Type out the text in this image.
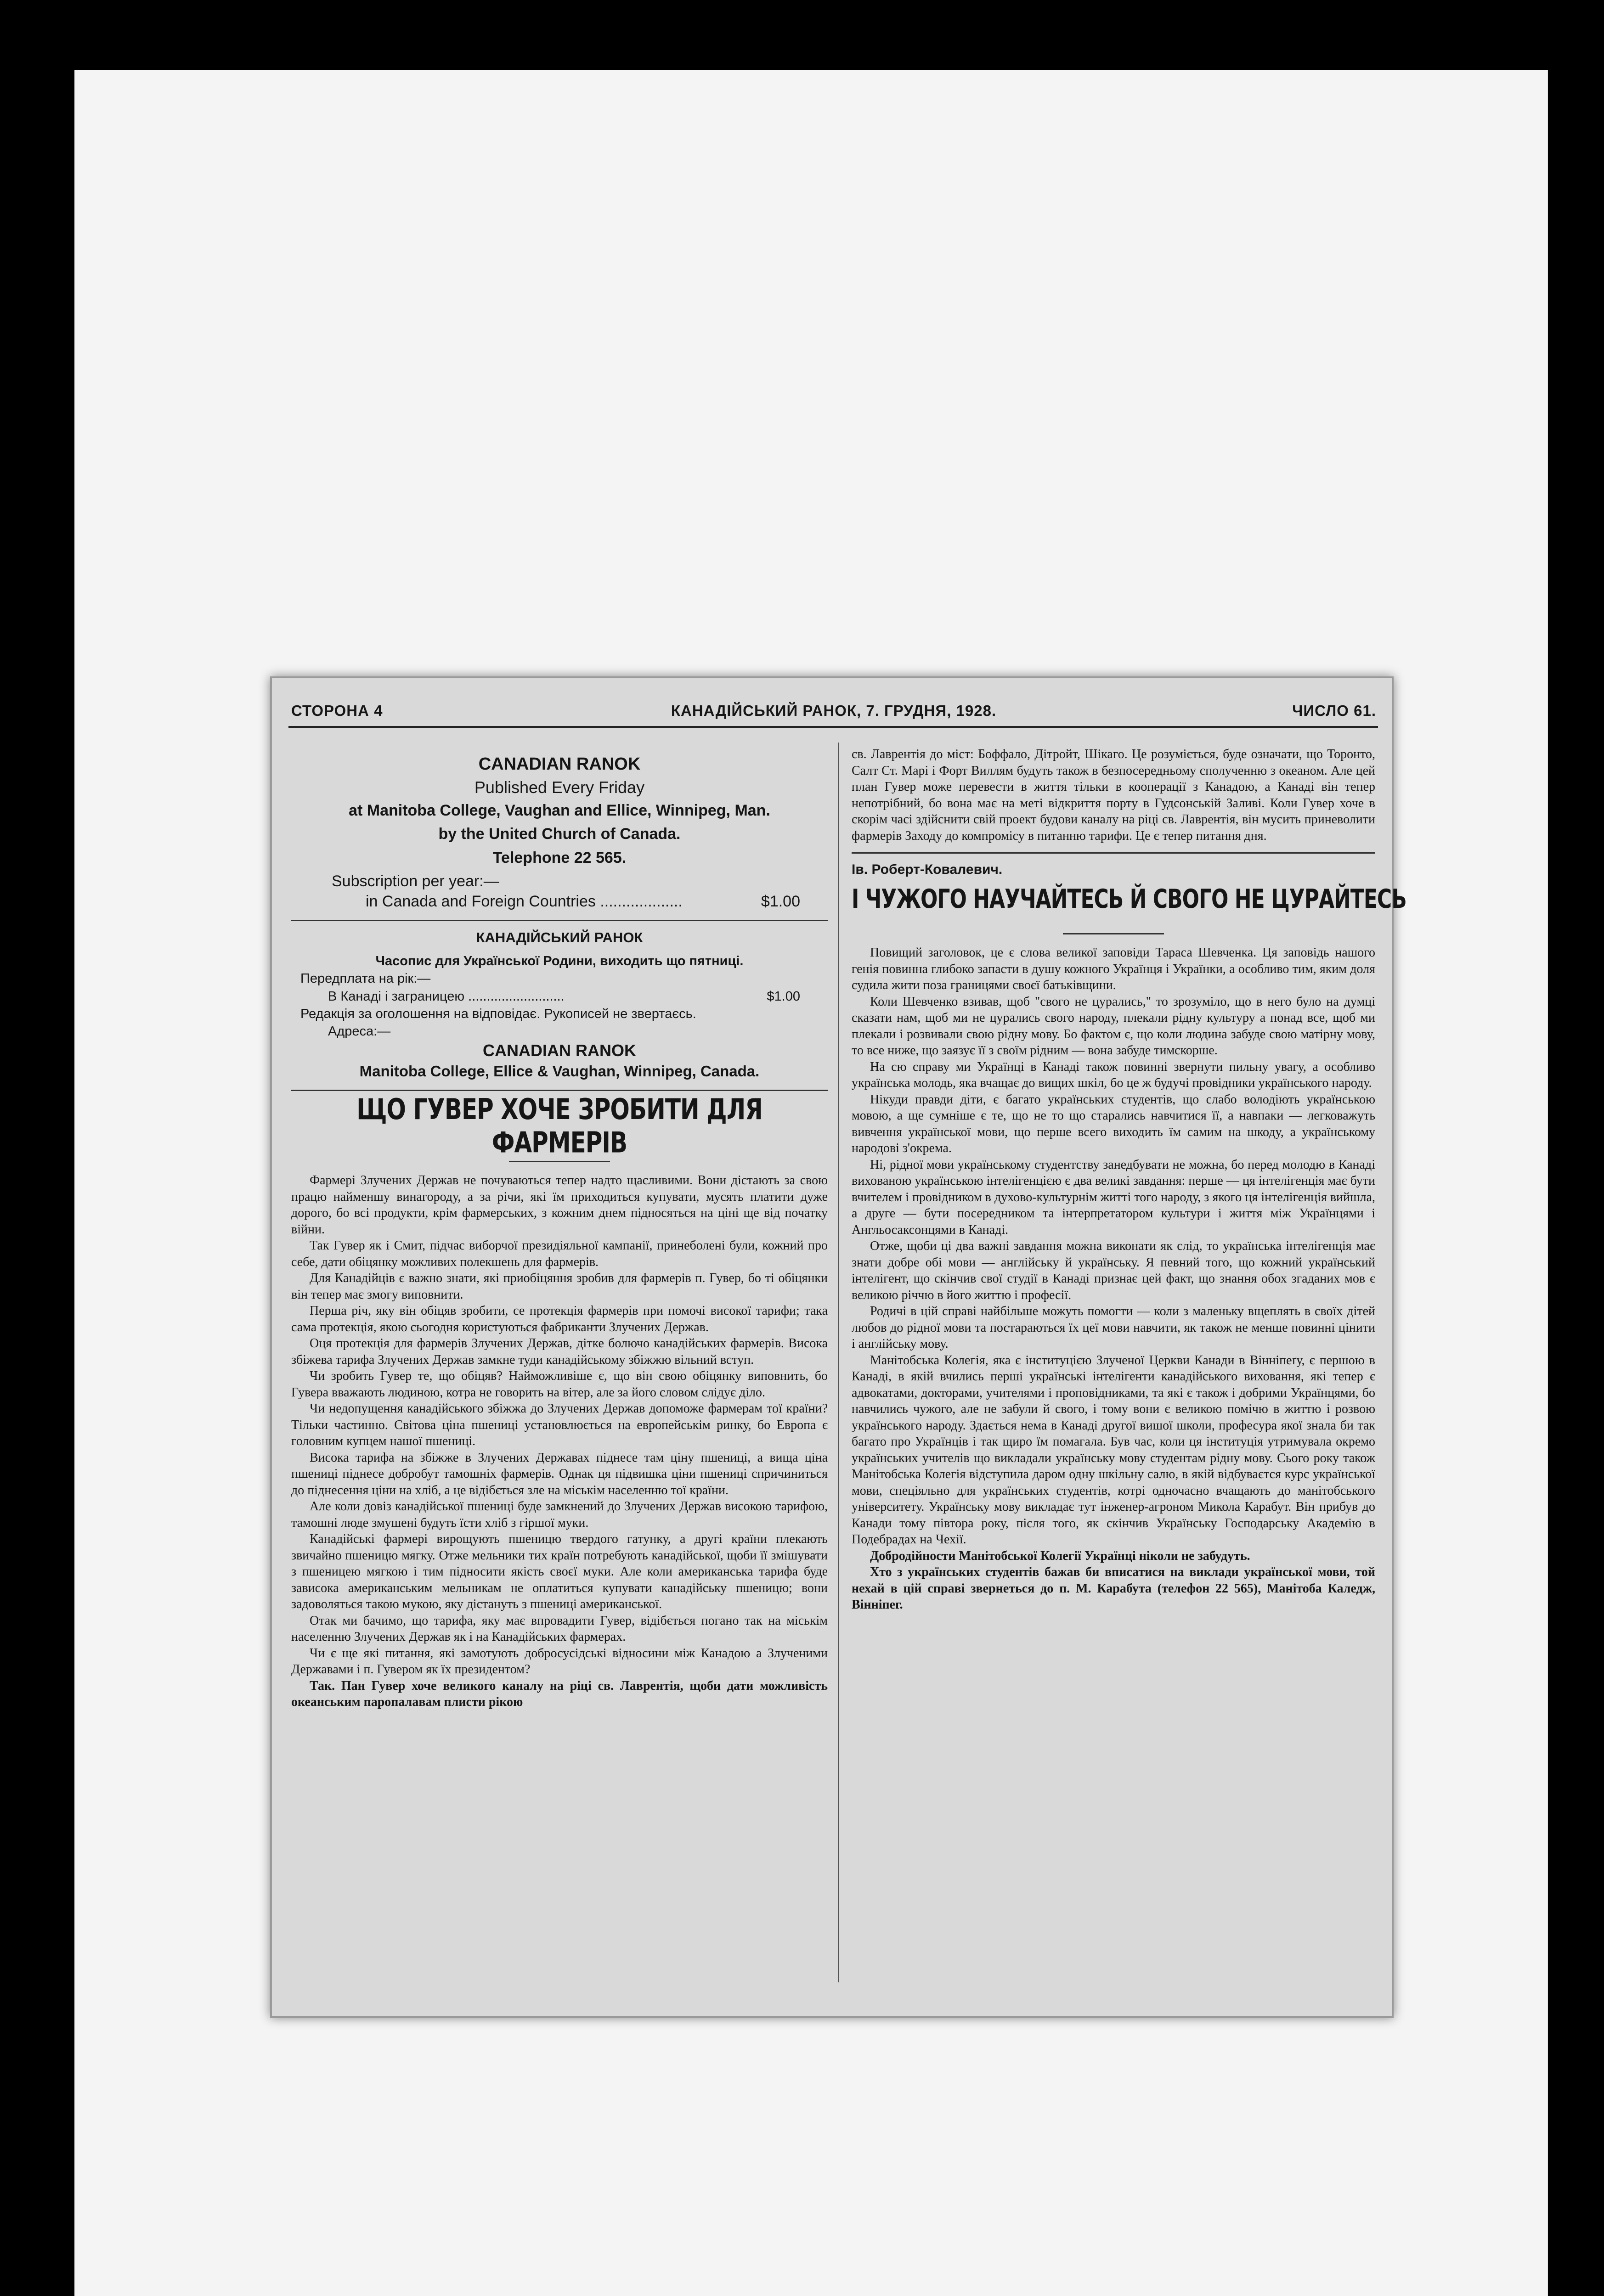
СТОРОНА 4	КАНАДІЙСЬКИЙ РАНОК, 7. ГРУДНЯ, 1928.	ЧИСЛО 61.
CANADIAN RANOK
Published Every Friday
at Manitoba College, Vaughan and Ellice, Winnipeg, Man.
by the United Church of Canada.
Telephone 22 565.
Subscription per year:—
in Canada and Foreign Countries ...................	$1.00
КАНАДІЙСЬКИЙ РАНОК
Часопис для Української Родини, виходить що пятниці.
Передплата на рік:—
В Канаді і заграницею ..........................	$1.00
Редакція за оголошення на відповідає. Рукописей не звертаєсь.
Адреса:—
CANADIAN RANOK
Manitoba College, Ellice & Vaughan, Winnipeg, Canada.
ЩО ГУВЕР ХОЧЕ ЗРОБИТИ ДЛЯ ФАРМЕРІВ

Фармері Злучених Держав не почуваються тепер надто щасливими. Вони дістають за свою працю найменшу винагороду, а за річи, які їм приходиться купувати, мусять платити дуже дорого, бо всі продукти, крім фармерських, з кожним днем піднoсяться на ціні ще від початку війни.

Так Гувер як і Смит, підчас виборчої президіяльної кампанії, принеболені були, кожний про себе, дати обіцянку можливих полекшень для фармерів.

Для Канадійців є важно знати, які приобіцяння зробив для фармерів п. Гувер, бо ті обіцянки він тепер має змогу виповнити.

Перша річ, яку він обіцяв зробити, се протекція фармерів при помочі високої тарифи; така сама протекція, якою сьогодня користуються фабриканти Злучених Держав.

Оця протекція для фармерів Злучених Держав, дітке болючо канадійських фармерів. Висока збіжева тарифа Злучених Держав замкне туди канадійському збіжжю вільний вступ.

Чи зробить Гувер те, що обіцяв? Найможливіше є, що він свою обіцянку виповнить, бо Гувера вважають людиною, котра не говорить на вітер, але за його словом слідує діло.

Чи недопущення канадійського збіжжа до Злучених Держав допоможе фармерам тої країни? Тільки частинно. Світова ціна пшениці установлюється на европейськім ринку, бо Европа є головним купцем нашої пшениці.

Висока тарифа на збіжже в Злучених Державах піднесе там ціну пшениці, а вища ціна пшениці піднесе добробут тамошніх фармерів. Однак ця підвишка ціни пшениці спричиниться до піднесення ціни на хліб, а це відібється зле на міськім населенню тої країни.

Але коли довіз канадійської пшениці буде замкнений до Злучених Держав високою тарифою, тамошні люде змушені будуть їсти хліб з гіршої муки.

Канадійські фармері вирощують пшеницю твердого гатунку, а другі країни плекають звичайно пшеницю мягку. Отже мельники тих країн потребують канадійської, щоби її змішувати з пшеницею мягкою і тим підносити якість своєї муки. Але коли американська тарифа буде зависока американським мельникам не оплатиться купувати канадійську пшеницю; вони задоволяться такою мукою, яку дістануть з пшениці американської.

Отак ми бачимо, що тарифа, яку має впровадити Гувер, відібється погано так на міськім населенню Злучених Держав як і на Канадійських фармерах.

Чи є ще які питання, які замотують добросусідські відносини між Канадою а Злученими Державами і п. Гувером як їх президентом?

Так. Пан Гувер хоче великого каналу на ріці св. Лаврентія, щоби дати можливість океанським паропалавам плисти рікою

св. Лаврентія до міст: Боффало, Дітройт, Шікаго. Це розуміється, буде означати, що Торонто, Салт Ст. Марі і Форт Виллям будуть також в безпосередньому сполученню з океаном. Але цей план Гувер може перевести в життя тільки в кооперації з Канадою, а Канаді він тепер непотрібний, бо вона має на меті відкриття порту в Гудсонській Заливі. Коли Гувер хоче в скорім часі здійснити свій проект будови каналу на ріці св. Лаврентія, він мусить приневолити фармерів Заходу до компромісу в питанню тарифи. Це є тепер питання дня.

Ів. Роберт-Ковалевич.
І ЧУЖОГО НАУЧАЙТЕСЬ Й СВОГО НЕ ЦУРАЙТЕСЬ

Повищий заголовок, це є слова великої заповіди Тараса Шевченка. Ця заповідь нашого генія повинна глибоко запасти в душу кожного Українця і Українки, а особливо тим, яким доля судила жити поза границями своєї батьківщини.

Коли Шевченко взивав, щоб "свого не цурались," то зрозуміло, що в него було на думці сказати нам, щоб ми не цурались свого народу, плекали рідну культуру а понад все, щоб ми плекали і розвивали свою рідну мову. Бо фактом є, що коли людина забуде свою матірну мову, то все ниже, що заязує її з своїм рідним — вона забуде тимскорше.

На сю справу ми Українці в Канаді також повинні звернути пильну увагу, а особливо українська молодь, яка вчащає до вищих шкіл, бо це ж будучі провідники українського народу.

Нікуди правди діти, є багато українських студентів, що слабо володіють українською мовою, а ще сумніше є те, що не то що старались навчитися її, а навпаки — легковажуть вивчення української мови, що перше всего виходить їм самим на шкоду, а українському народові з'окрема.

Ні, рідної мови українському студентству занедбувати не можна, бо перед молодю в Канаді вихованою українською інтелігенцією є два великі завдання: перше — ця інтелігенція має бути вчителем і провідником в духово-культурнім житті того народу, з якого ця інтелігенція вийшла, а друге — бути посередником та інтерпретатором культури і життя між Українцями і Англьосаксонцями в Канаді.

Отже, щоби ці два важні завдання можна виконати як слід, то українська інтелігенція має знати добре обі мови — англійську й українську. Я певний того, що кожний український інтелігент, що скінчив свої студії в Канаді признає цей факт, що знання обох згаданих мов є великою річчю в його життю і професії.

Родичі в цій справі найбільше можуть помогти — коли з маленьку вщеплять в своїх дітей любов до рідної мови та постараються їх цеї мови навчити, як також не менше повинні цінити і англійську мову.

Манітобська Колегія, яка є інституцією Злученої Церкви Канади в Вінніпеґу, є першою в Канаді, в якій вчились перші українські інтелігенти канадійського виховання, які тепер є адвокатами, докторами, учителями і проповідниками, та які є також і добрими Українцями, бо навчились чужого, але не забули й свого, і тому вони є великою помічю в життю і розвою українського народу. Здається нема в Канаді другої вишої школи, професура якої знала би так багато про Українців і так щиро їм помагала. Був час, коли ця інституція утримувала окремо українських учителів що викладали українську мову студентам рідну мову. Сього року також Манітобська Колегія відступила даром одну шкільну салю, в якій відбуваєтся курс української мови, спеціяльно для українських студентів, котрі одночасно вчащають до манітобського університету. Українську мову викладає тут інженер-агроном Микола Карабут. Він прибув до Канади тому півтора року, після того, як скінчив Українську Господарську Академію в Подебрадах на Чехії.

Добродійности Манітобської Колегії Українці ніколи не забудуть.

Хто з українських студентів бажав би вписатися на виклади української мови, той нехай в цій справі звернеться до п. М. Карабута (телефон 22 565), Манітоба Каледж, Вінніпег.
